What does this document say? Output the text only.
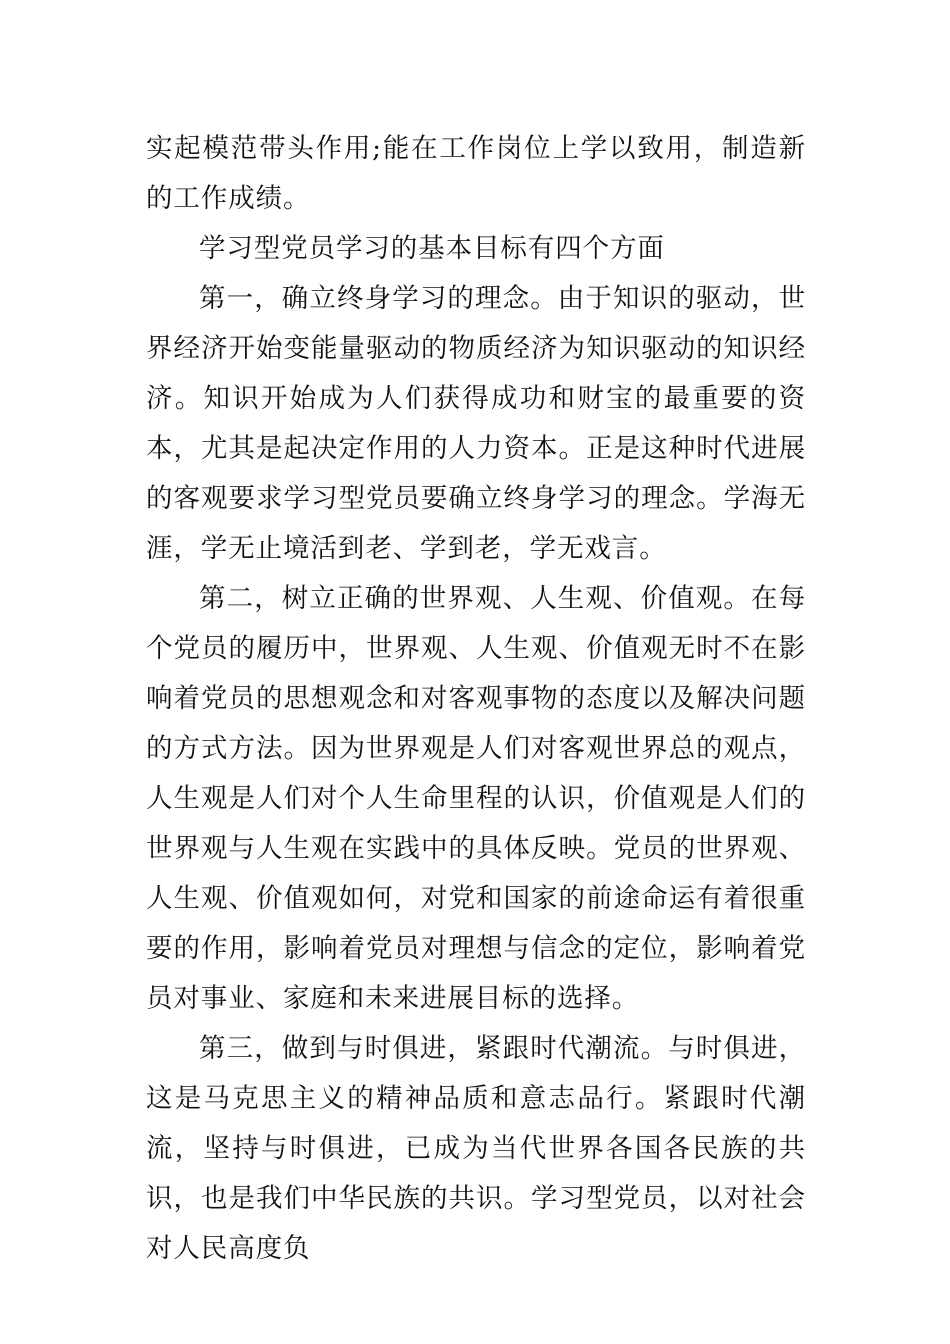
实起模范带头作用;能在工作岗位上学以致用，制造新的工作成绩。

学习型党员学习的基本目标有四个方面

第一，确立终身学习的理念。由于知识的驱动，世界经济开始变能量驱动的物质经济为知识驱动的知识经济。知识开始成为人们获得成功和财宝的最重要的资本，尤其是起决定作用的人力资本。正是这种时代进展的客观要求学习型党员要确立终身学习的理念。学海无涯，学无止境活到老、学到老，学无戏言。

第二，树立正确的世界观、人生观、价值观。在每个党员的履历中，世界观、人生观、价值观无时不在影响着党员的思想观念和对客观事物的态度以及解决问题的方式方法。因为世界观是人们对客观世界总的观点，人生观是人们对个人生命里程的认识，价值观是人们的世界观与人生观在实践中的具体反映。党员的世界观、人生观、价值观如何，对党和国家的前途命运有着很重要的作用，影响着党员对理想与信念的定位，影响着党员对事业、家庭和未来进展目标的选择。

第三，做到与时俱进，紧跟时代潮流。与时俱进，这是马克思主义的精神品质和意志品行。紧跟时代潮流，坚持与时俱进，已成为当代世界各国各民族的共识，也是我们中华民族的共识。学习型党员，以对社会对人民高度负
